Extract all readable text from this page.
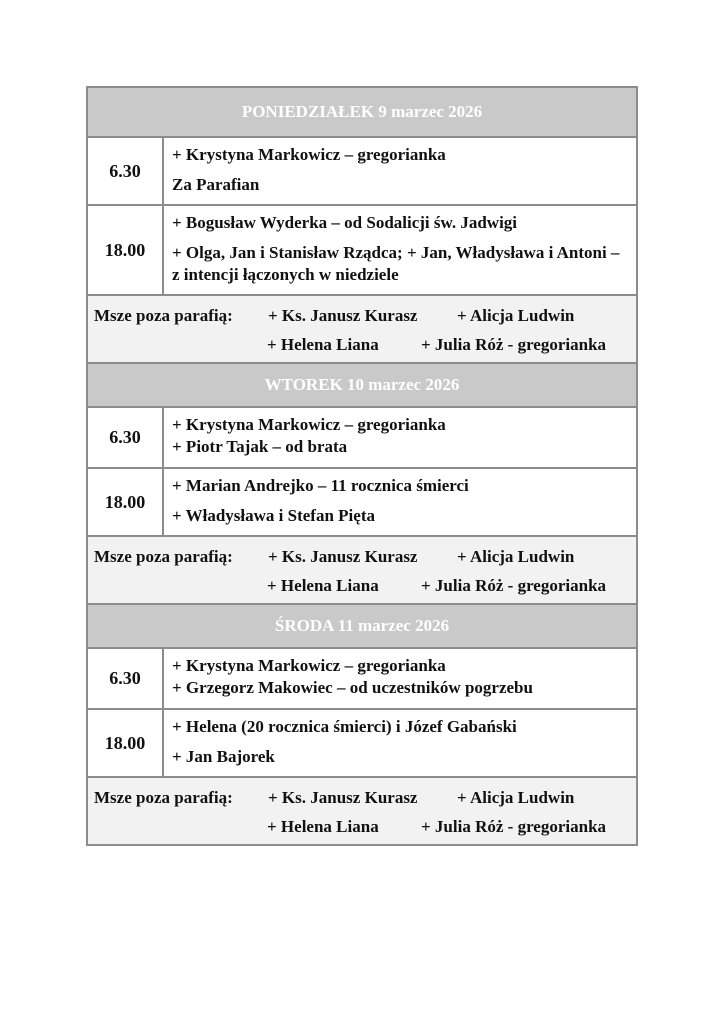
PONIEDZIAŁEK 9 marzec 2026
6.30
+ Krystyna Markowicz – gregorianka
Za Parafian
18.00
+ Bogusław Wyderka – od Sodalicji św. Jadwigi
+ Olga, Jan i Stanisław Rządca; + Jan, Władysława i Antoni – z intencji łączonych w niedziele
Msze poza parafią: + Ks. Janusz Kurasz + Alicja Ludwin
+ Helena Liana + Julia Róż - gregorianka
WTOREK 10 marzec 2026
6.30
+ Krystyna Markowicz – gregorianka
+ Piotr Tajak – od brata
18.00
+ Marian Andrejko – 11 rocznica śmierci
+ Władysława i Stefan Pięta
Msze poza parafią: + Ks. Janusz Kurasz + Alicja Ludwin
+ Helena Liana + Julia Róż - gregorianka
ŚRODA 11 marzec 2026
6.30
+ Krystyna Markowicz – gregorianka
+ Grzegorz Makowiec – od uczestników pogrzebu
18.00
+ Helena (20 rocznica śmierci) i Józef Gabański
+ Jan Bajorek
Msze poza parafią: + Ks. Janusz Kurasz + Alicja Ludwin
+ Helena Liana + Julia Róż - gregorianka
